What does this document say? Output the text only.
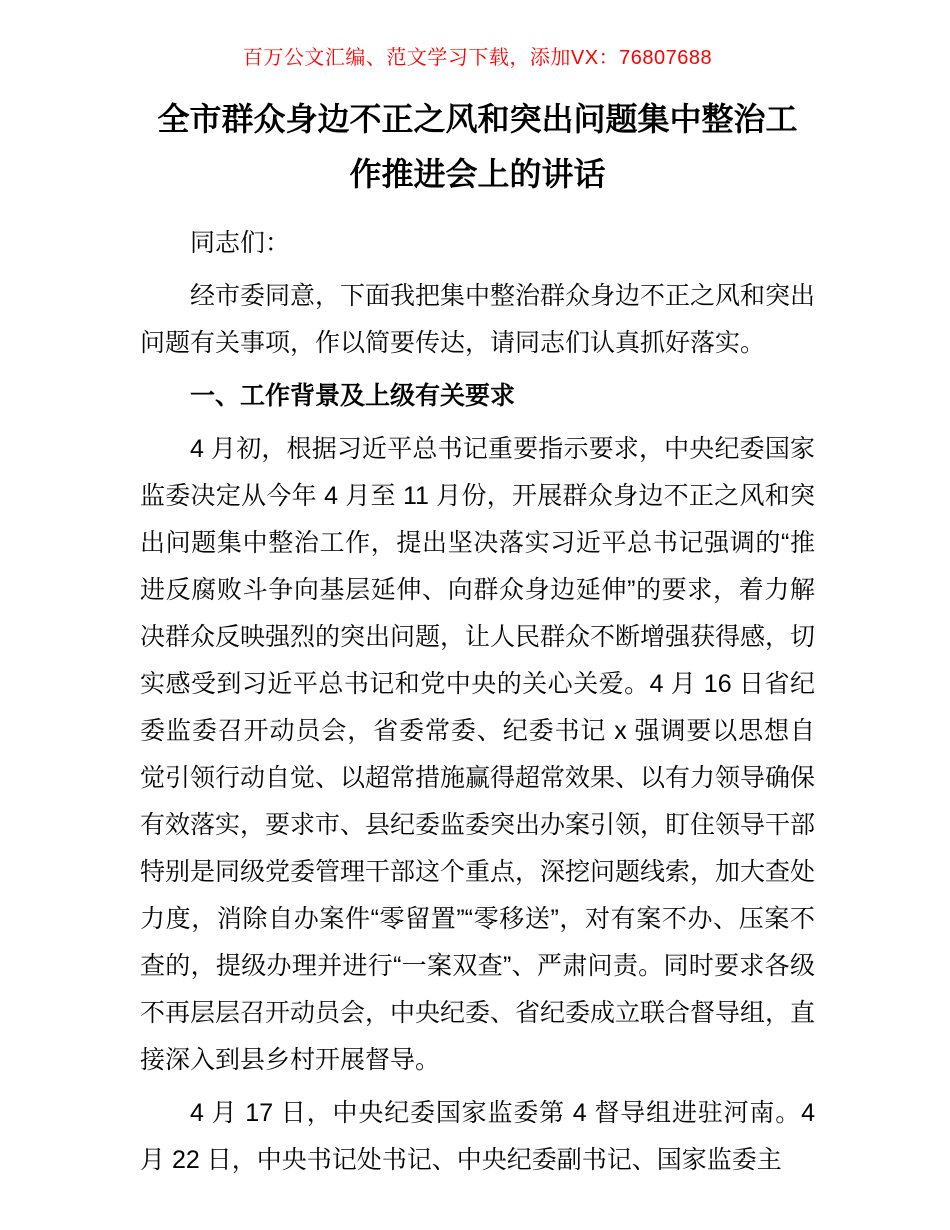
百万公文汇编、范文学习下载，添加VX：76807688
全市群众身边不正之风和突出问题集中整治工作推进会上的讲话

同志们：

经市委同意，下面我把集中整治群众身边不正之风和突出问题有关事项，作以简要传达，请同志们认真抓好落实。

一、工作背景及上级有关要求

4 月初，根据习近平总书记重要指示要求，中央纪委国家监委决定从今年 4 月至 11 月份，开展群众身边不正之风和突出问题集中整治工作，提出坚决落实习近平总书记强调的“推进反腐败斗争向基层延伸、向群众身边延伸”的要求，着力解决群众反映强烈的突出问题，让人民群众不断增强获得感，切实感受到习近平总书记和党中央的关心关爱。4 月 16 日省纪委监委召开动员会，省委常委、纪委书记 x 强调要以思想自觉引领行动自觉、以超常措施赢得超常效果、以有力领导确保有效落实，要求市、县纪委监委突出办案引领，盯住领导干部特别是同级党委管理干部这个重点，深挖问题线索，加大查处力度，消除自办案件“零留置”“零移送”，对有案不办、压案不查的，提级办理并进行“一案双查”、严肃问责。同时要求各级不再层层召开动员会，中央纪委、省纪委成立联合督导组，直接深入到县乡村开展督导。

4 月 17 日，中央纪委国家监委第 4 督导组进驻河南。4 月 22 日，中央书记处书记、中央纪委副书记、国家监委主
